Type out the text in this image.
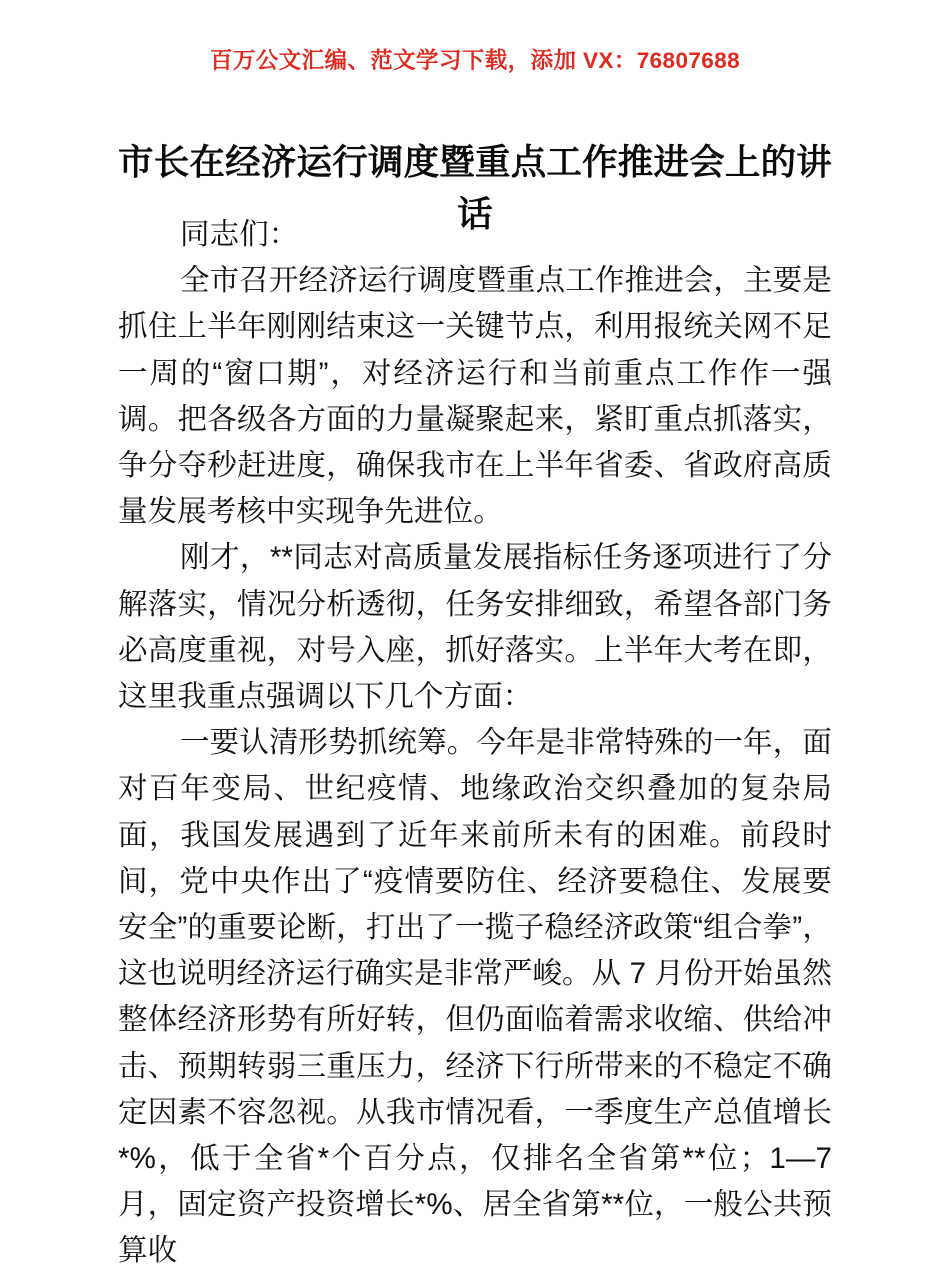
百万公文汇编、范文学习下载，添加 VX：76807688
市长在经济运行调度暨重点工作推进会上的讲话

同志们：

全市召开经济运行调度暨重点工作推进会，主要是抓住上半年刚刚结束这一关键节点，利用报统关网不足一周的“窗口期”，对经济运行和当前重点工作作一强调。把各级各方面的力量凝聚起来，紧盯重点抓落实，争分夺秒赶进度，确保我市在上半年省委、省政府高质量发展考核中实现争先进位。

刚才，**同志对高质量发展指标任务逐项进行了分解落实，情况分析透彻，任务安排细致，希望各部门务必高度重视，对号入座，抓好落实。上半年大考在即，这里我重点强调以下几个方面：

一要认清形势抓统筹。今年是非常特殊的一年，面对百年变局、世纪疫情、地缘政治交织叠加的复杂局面，我国发展遇到了近年来前所未有的困难。前段时间，党中央作出了“疫情要防住、经济要稳住、发展要安全”的重要论断，打出了一揽子稳经济政策“组合拳”，这也说明经济运行确实是非常严峻。从 7 月份开始虽然整体经济形势有所好转，但仍面临着需求收缩、供给冲击、预期转弱三重压力，经济下行所带来的不稳定不确定因素不容忽视。从我市情况看，一季度生产总值增长*%，低于全省*个百分点，仅排名全省第**位；1—7月，固定资产投资增长*%、居全省第**位，一般公共预算收
